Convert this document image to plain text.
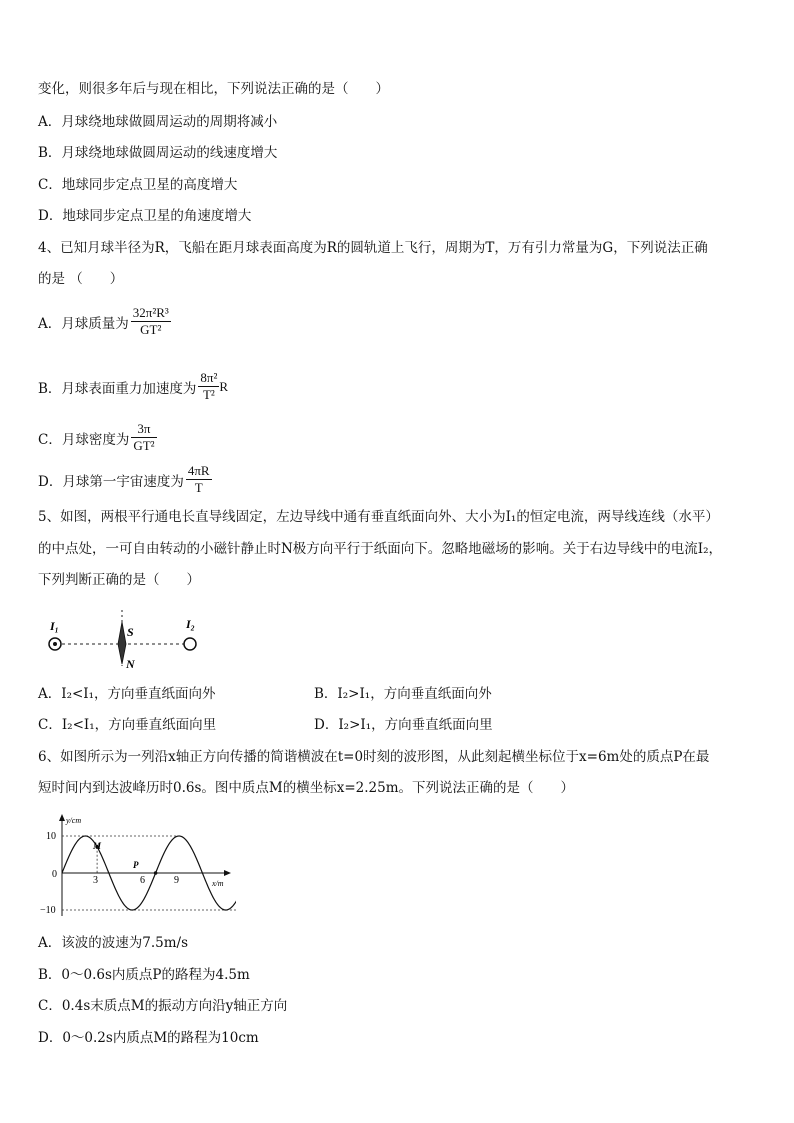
变化，则很多年后与现在相比，下列说法正确的是（　　）
A．月球绕地球做圆周运动的周期将减小
B．月球绕地球做圆周运动的线速度增大
C．地球同步定点卫星的高度增大
D．地球同步定点卫星的角速度增大
4、已知月球半径为R，飞船在距月球表面高度为R的圆轨道上飞行，周期为T，万有引力常量为G，下列说法正确
的是 （　　）
A． 月球质量为 $\frac{\text{32π²R³}}{\text{GT²}}$
B． 月球表面重力加速度为 $\frac{\text{8π²}}{\text{T²}}$ R
C． 月球密度为 $\frac{3\pi}{\text{GT²}}$
D． 月球第一宇宙速度为 $\frac{4\pi R}{T}$
5、如图，两根平行通电长直导线固定，左边导线中通有垂直纸面向外、大小为I₁的恒定电流，两导线连线（水平）
的中点处，一可自由转动的小磁针静止时N极方向平行于纸面向下。忽略地磁场的影响。关于右边导线中的电流I₂，
下列判断正确的是（　　）
I₁	I₂
S
N
A．I₂<I₁，方向垂直纸面向外	B．I₂>I₁，方向垂直纸面向外
C．I₂<I₁，方向垂直纸面向里	D．I₂>I₁，方向垂直纸面向里
6、如图所示为一列沿x轴正方向传播的简谐横波在t=0时刻的波形图，从此刻起横坐标位于x=6m处的质点P在最
短时间内到达波峰历时0.6s。图中质点M的横坐标x=2.25m。下列说法正确的是（　　）
y/cm
x/m
10
0
−10
3	6	9
M
P
A．该波的波速为7.5m/s
B．0～0.6s内质点P的路程为4.5m
C．0.4s末质点M的振动方向沿y轴正方向
D．0～0.2s内质点M的路程为10cm
